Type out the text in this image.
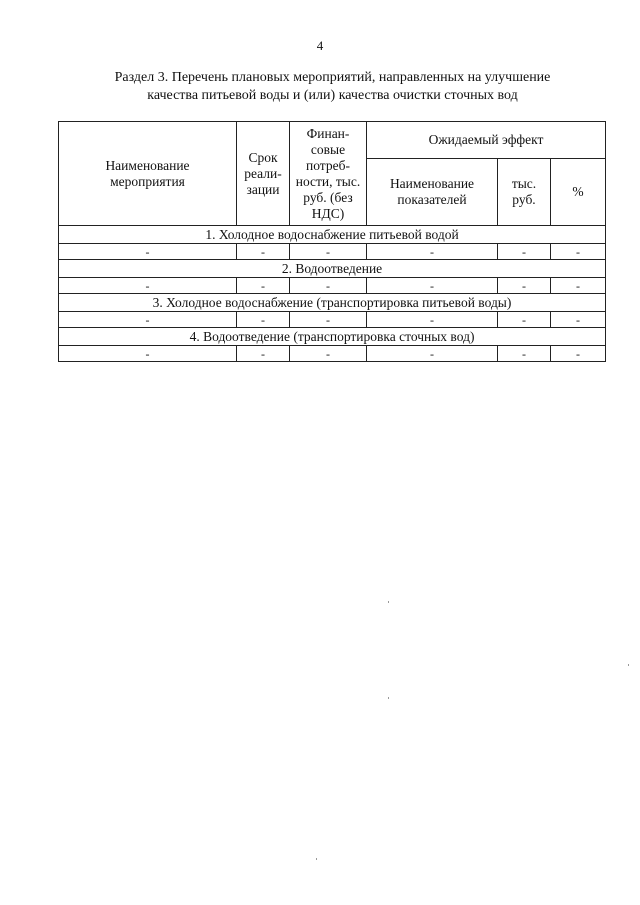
4
Раздел 3. Перечень плановых мероприятий, направленных на улучшение
качества питьевой воды и (или) качества очистки сточных вод
Наименование мероприятия	Срок реали-зации	Финан-совые потреб-ности, тыс. руб. (без НДС)	Ожидаемый эффект		

			Наименование показателей	тыс. руб.	%
1. Холодное водоснабжение питьевой водой					
-	-	-	-	-	-
2. Водоотведение					
-	-	-	-	-	-
3. Холодное водоснабжение (транспортировка питьевой воды)					
-	-	-	-	-	-
4. Водоотведение (транспортировка сточных вод)					
-	-	-	-	-	-
